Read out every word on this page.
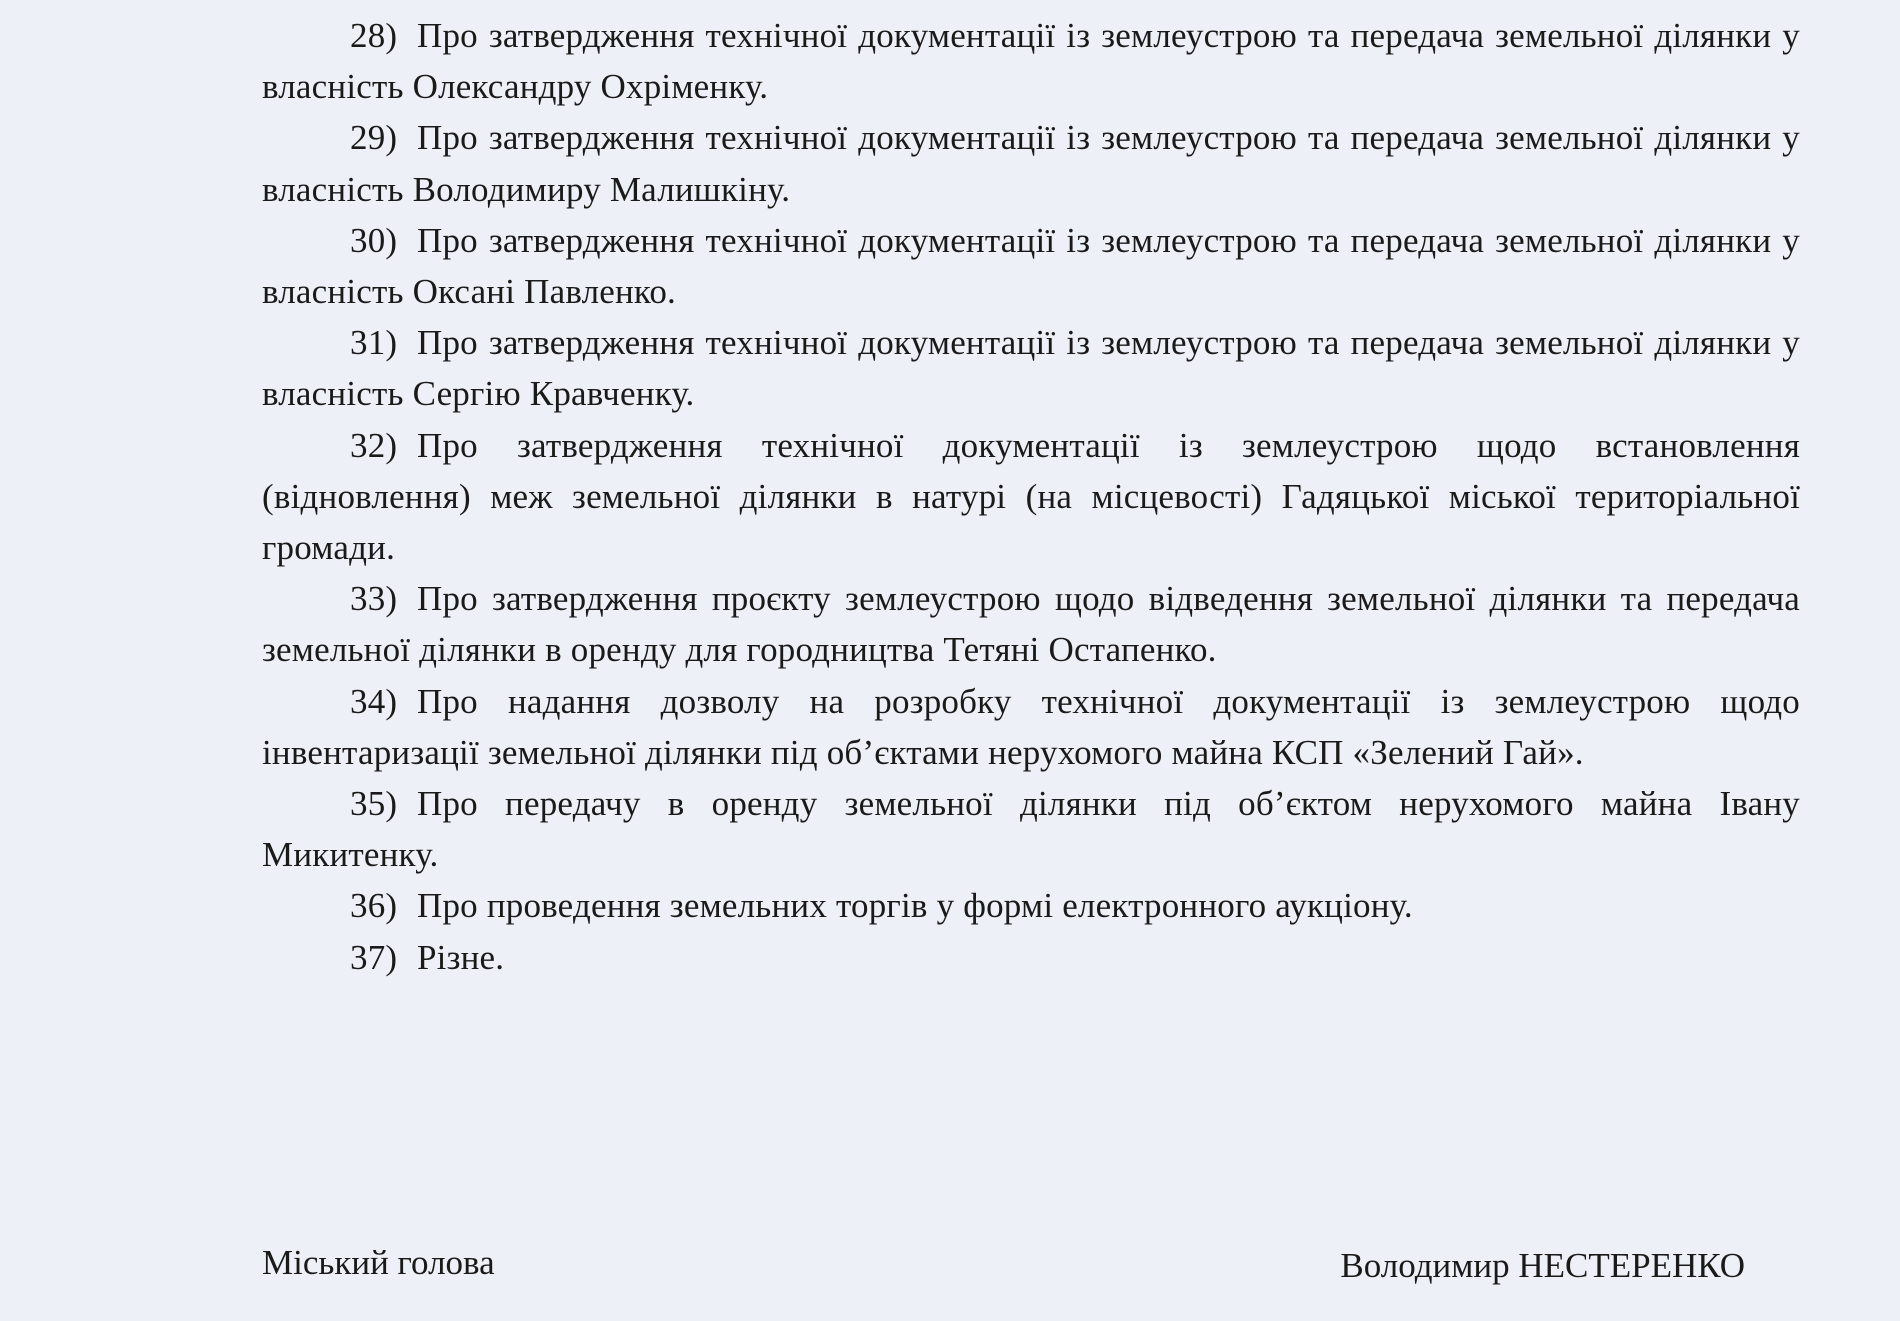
28) Про затвердження технічної документації із землеустрою та передача земельної ділянки у власність Олександру Охріменку.

29) Про затвердження технічної документації із землеустрою та передача земельної ділянки у власність Володимиру Малишкіну.

30) Про затвердження технічної документації із землеустрою та передача земельної ділянки у власність Оксані Павленко.

31) Про затвердження технічної документації із землеустрою та передача земельної ділянки у власність Сергію Кравченку.

32) Про затвердження технічної документації із землеустрою щодо встановлення (відновлення) меж земельної ділянки в натурі (на місцевості) Гадяцької міської територіальної громади.

33) Про затвердження проєкту землеустрою щодо відведення земельної ділянки та передача земельної ділянки в оренду для городництва Тетяні Остапенко.

34) Про надання дозволу на розробку технічної документації із землеустрою щодо інвентаризації земельної ділянки під об’єктами нерухомого майна КСП «Зелений Гай».

35) Про передачу в оренду земельної ділянки під об’єктом нерухомого майна Івану Микитенку.

36) Про проведення земельних торгів у формі електронного аукціону.

37) Різне.

Міський голова	Володимир НЕСТЕРЕНКО
